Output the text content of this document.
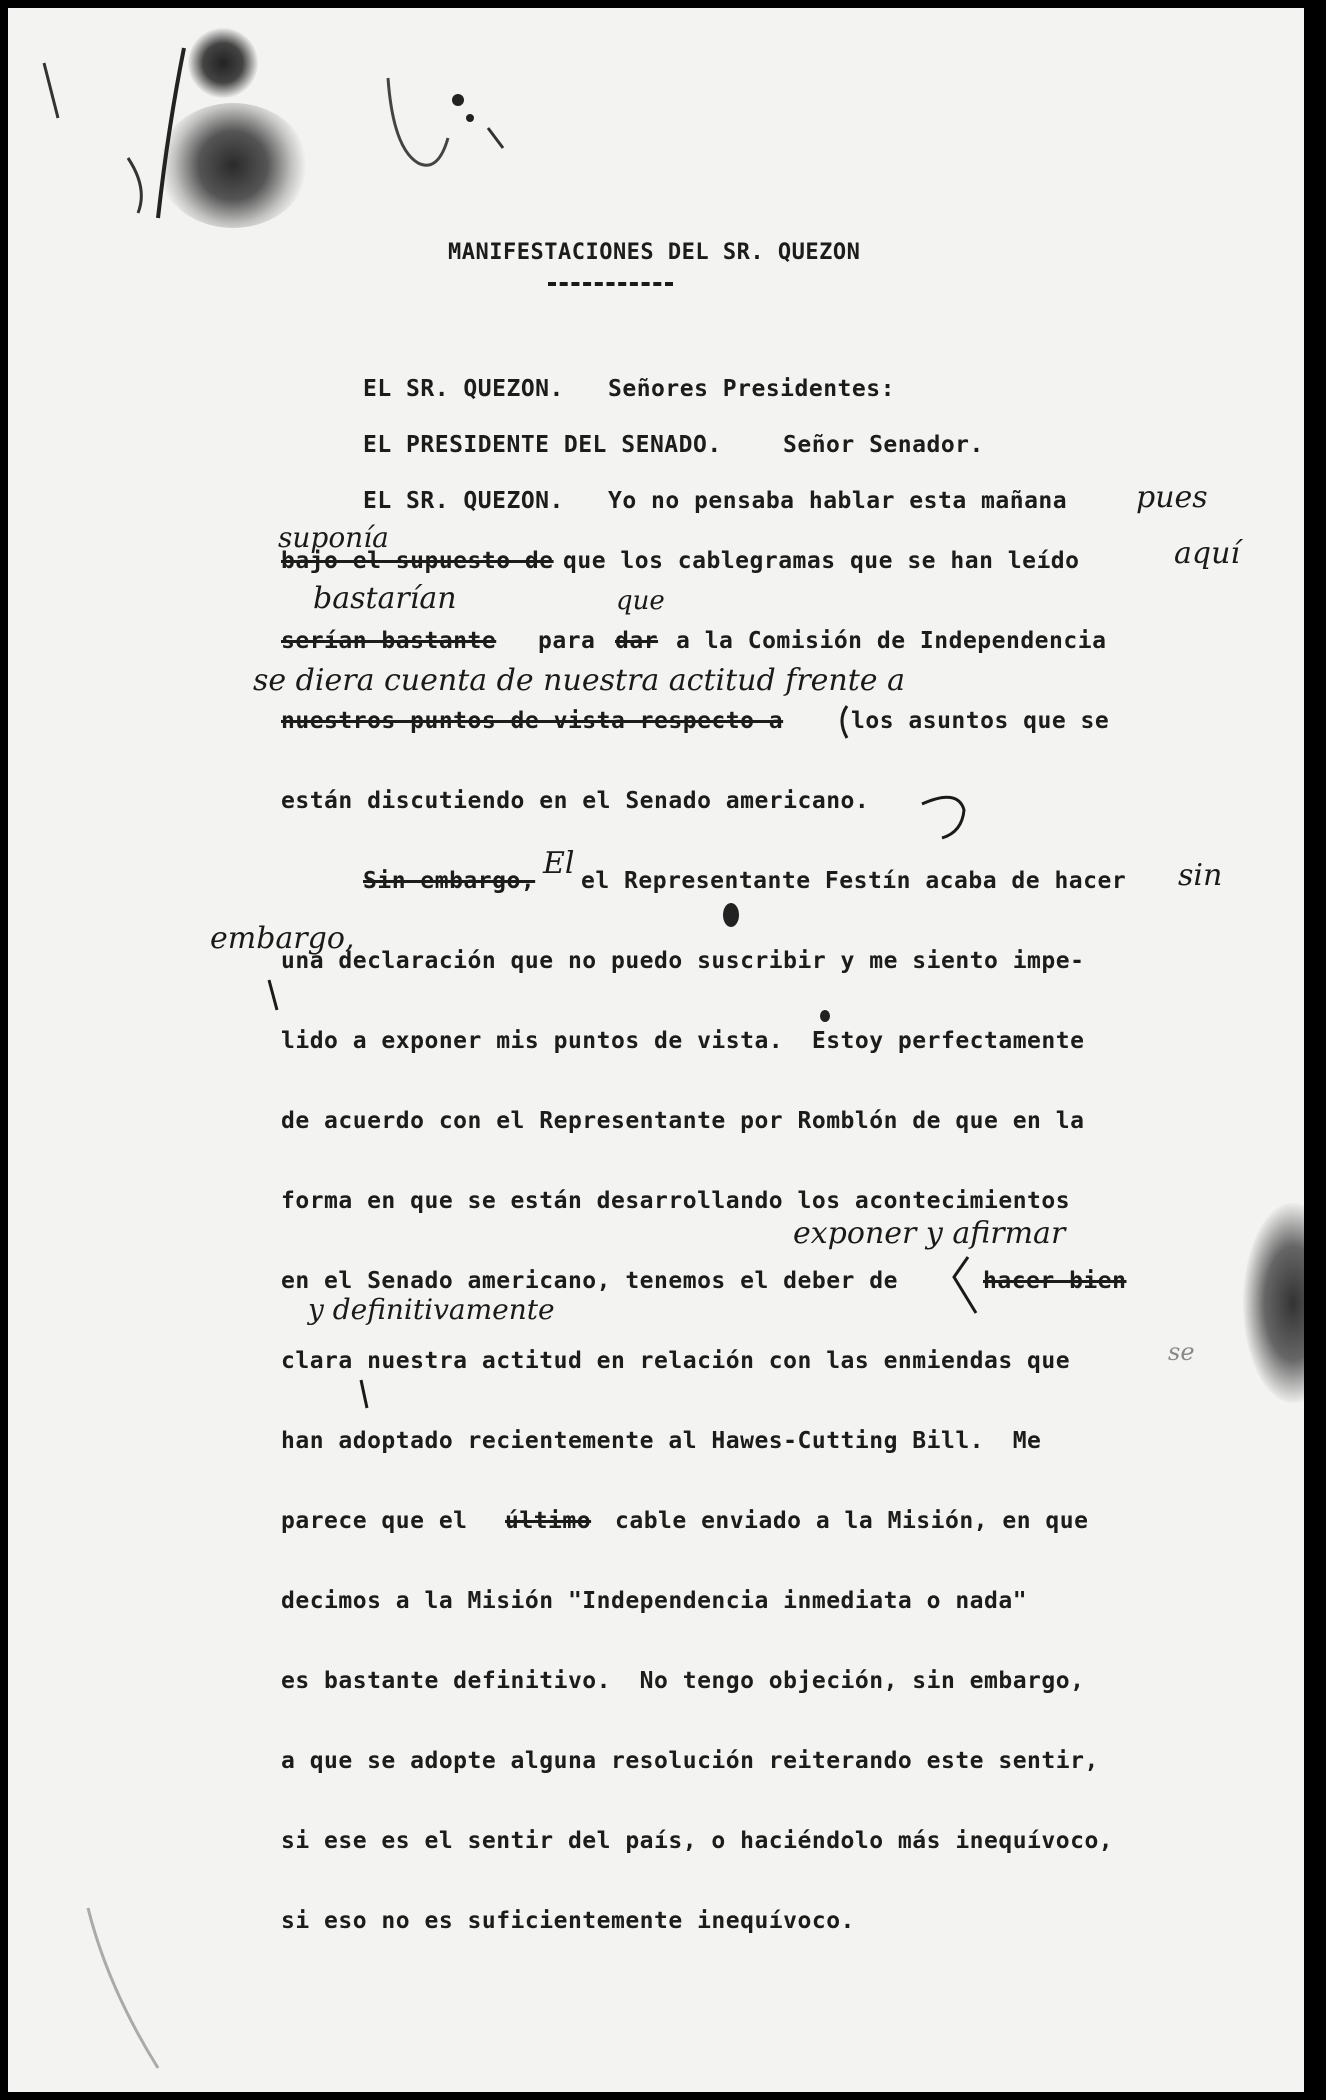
MANIFESTACIONES DEL SR. QUEZON
EL SR. QUEZON. Señores Presidentes:
EL PRESIDENTE DEL SENADO.	Señor Senador.
EL SR. QUEZON. Yo no pensaba hablar esta mañana pues
suponía
bajo el supuesto de que los cablegramas que se han leído	aquí
bastarían	que
serían bastante para dar a la Comisión de Independencia
se diera cuenta de nuestra actitud frente a
nuestros puntos de vista respecto a	los asuntos que se
están discutiendo en el Senado americano.
Sin embargo, El el Representante Festín acaba de hacer sin
embargo,
una declaración que no puedo suscribir y me siento impe-
lido a exponer mis puntos de vista.  Estoy perfectamente
de acuerdo con el Representante por Romblón de que en la
forma en que se están desarrollando los acontecimientos
exponer y afirmar
en el Senado americano, tenemos el deber de	hacer bien
y definitivamente
clara nuestra actitud en relación con las enmiendas que	se
han adoptado recientemente al Hawes-Cutting Bill.  Me
parece que el último cable enviado a la Misión, en que
decimos a la Misión "Independencia inmediata o nada"
es bastante definitivo.  No tengo objeción, sin embargo,
a que se adopte alguna resolución reiterando este sentir,
si ese es el sentir del país, o haciéndolo más inequívoco,
si eso no es suficientemente inequívoco.
